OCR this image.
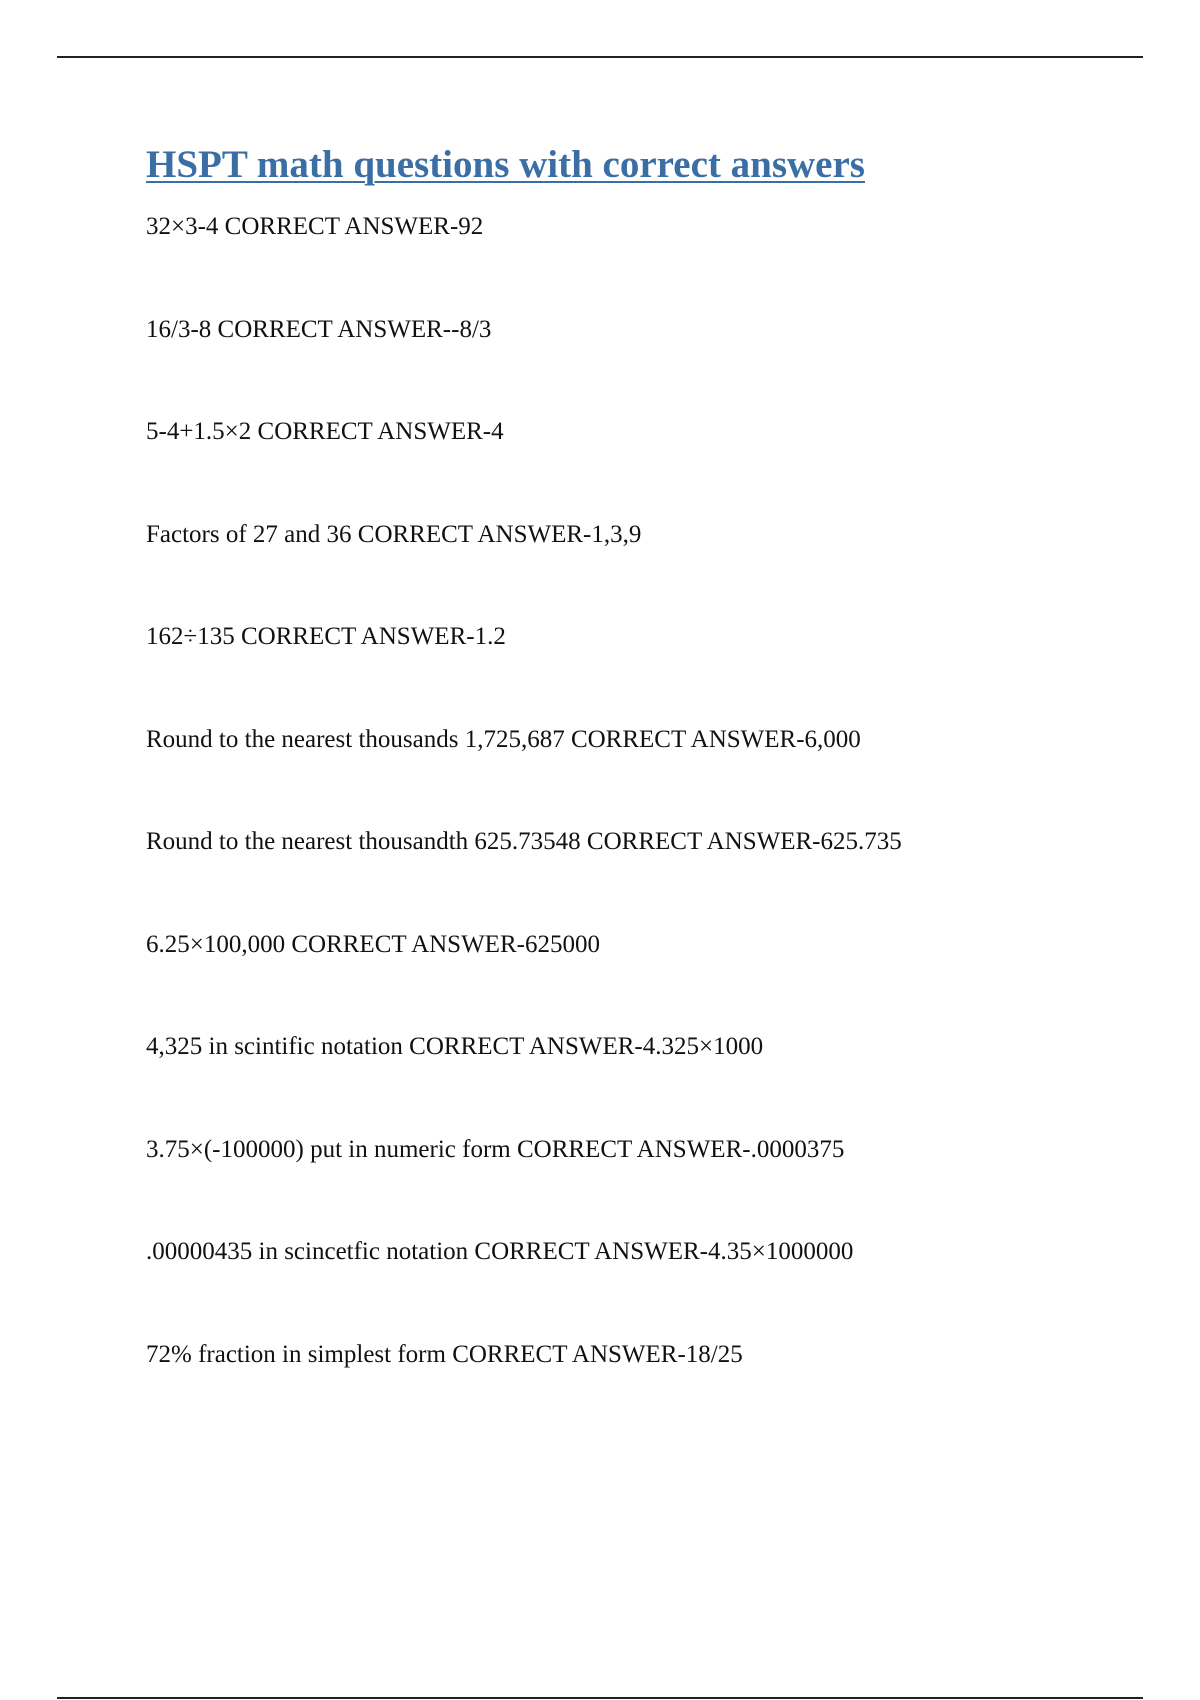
HSPT math questions with correct answers
32×3-4 CORRECT ANSWER-92
16/3-8 CORRECT ANSWER--8/3
5-4+1.5×2 CORRECT ANSWER-4
Factors of 27 and 36 CORRECT ANSWER-1,3,9
162÷135 CORRECT ANSWER-1.2
Round to the nearest thousands 1,725,687 CORRECT ANSWER-6,000
Round to the nearest thousandth 625.73548 CORRECT ANSWER-625.735
6.25×100,000 CORRECT ANSWER-625000
4,325 in scintific notation CORRECT ANSWER-4.325×1000
3.75×(-100000) put in numeric form CORRECT ANSWER-.0000375
.00000435 in scincetfic notation CORRECT ANSWER-4.35×1000000
72% fraction in simplest form CORRECT ANSWER-18/25
